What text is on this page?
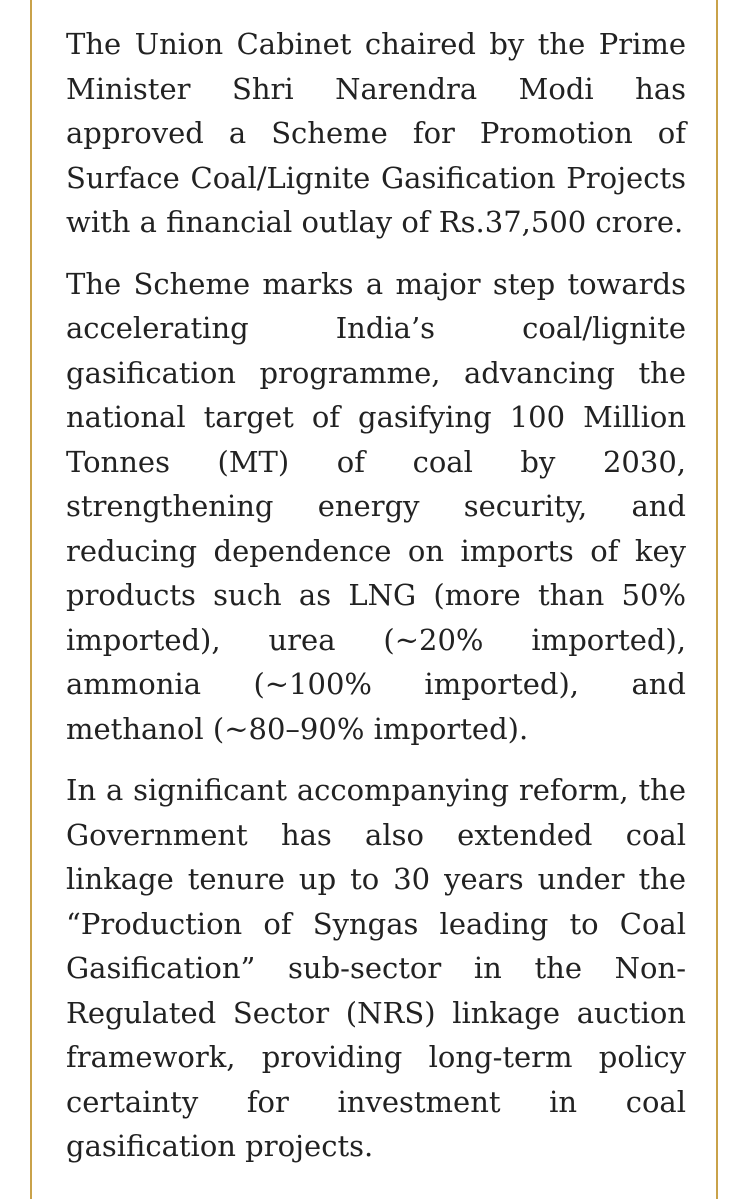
The Union Cabinet chaired by the Prime Minister Shri Narendra Modi has approved a Scheme for Promotion of Surface Coal/Lignite Gasification Projects with a financial outlay of Rs.37,500 crore.

The Scheme marks a major step towards accelerating India’s coal/lignite gasification programme, advancing the national target of gasifying 100 Million Tonnes (MT) of coal by 2030, strengthening energy security, and reducing dependence on imports of key products such as LNG (more than 50% imported), urea (~20% imported), ammonia (~100% imported), and methanol (~80–90% imported).

In a significant accompanying reform, the Government has also extended coal linkage tenure up to 30 years under the “Production of Syngas leading to Coal Gasification” sub-sector in the Non-Regulated Sector (NRS) linkage auction framework, providing long-term policy certainty for investment in coal gasification projects.
